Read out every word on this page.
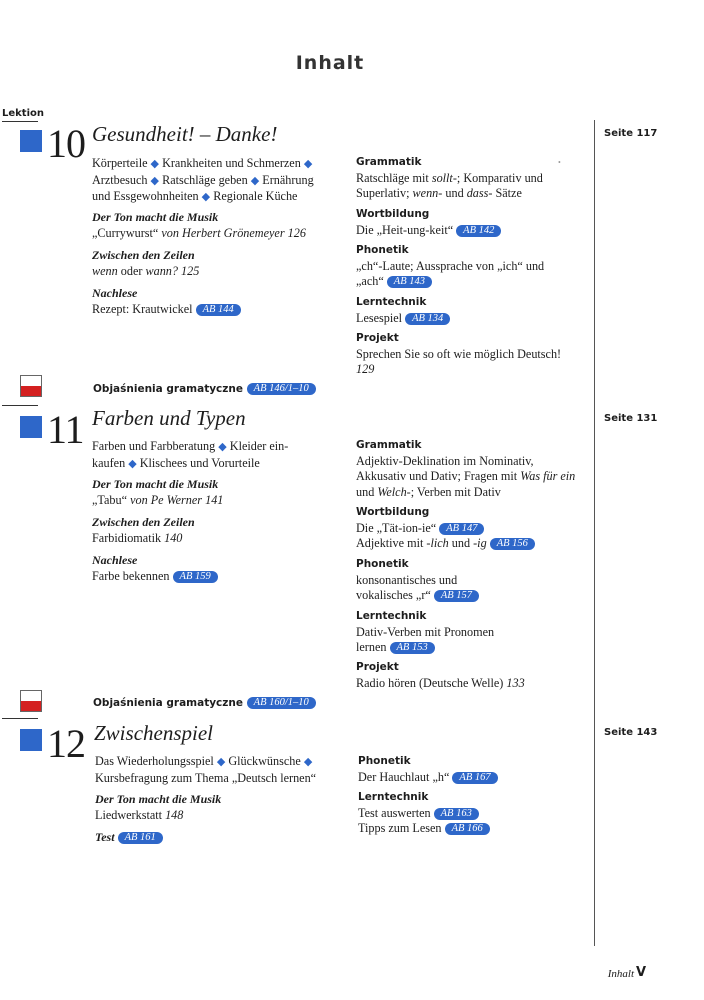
Inhalt
Lektion
•
10 Gesundheit! – Danke!	Seite 117
Körperteile ◆ Krankheiten und Schmerzen ◆
Arztbesuch ◆ Ratschläge geben ◆ Ernährung
und Essgewohnheiten ◆ Regionale Küche
Der Ton macht die Musik
„Currywurst“ von Herbert Grönemeyer 126
Zwischen den Zeilen
wenn oder wann? 125
Nachlese
Rezept: Krautwickel AB 144
Grammatik
Ratschläge mit sollt-; Komparativ und
Superlativ; wenn- und dass- Sätze
Wortbildung
Die „Heit-ung-keit“ AB 142
Phonetik
„ch“-Laute; Aussprache von „ich“ und
„ach“ AB 143
Lerntechnik
Lesespiel AB 134
Projekt
Sprechen Sie so oft wie möglich Deutsch!
129
Objaśnienia gramatyczne AB 146/1–10
11 Farben und Typen	Seite 131
Farben und Farbberatung ◆ Kleider ein-
kaufen ◆ Klischees und Vorurteile
Der Ton macht die Musik
„Tabu“ von Pe Werner 141
Zwischen den Zeilen
Farbidiomatik 140
Nachlese
Farbe bekennen AB 159
Grammatik
Adjektiv-Deklination im Nominativ,
Akkusativ und Dativ; Fragen mit Was für ein
und Welch-; Verben mit Dativ
Wortbildung
Die „Tät-ion-ie“ AB 147
Adjektive mit -lich und -ig AB 156
Phonetik
konsonantisches und
vokalisches „r“ AB 157
Lerntechnik
Dativ-Verben mit Pronomen
lernen AB 153
Projekt
Radio hören (Deutsche Welle) 133
Objaśnienia gramatyczne AB 160/1–10
12 Zwischenspiel	Seite 143
Das Wiederholungsspiel ◆ Glückwünsche ◆
Kursbefragung zum Thema „Deutsch lernen“
Der Ton macht die Musik
Liedwerkstatt 148
Test AB 161
Phonetik
Der Hauchlaut „h“ AB 167
Lerntechnik
Test auswerten AB 163
Tipps zum Lesen AB 166
Inhalt V
